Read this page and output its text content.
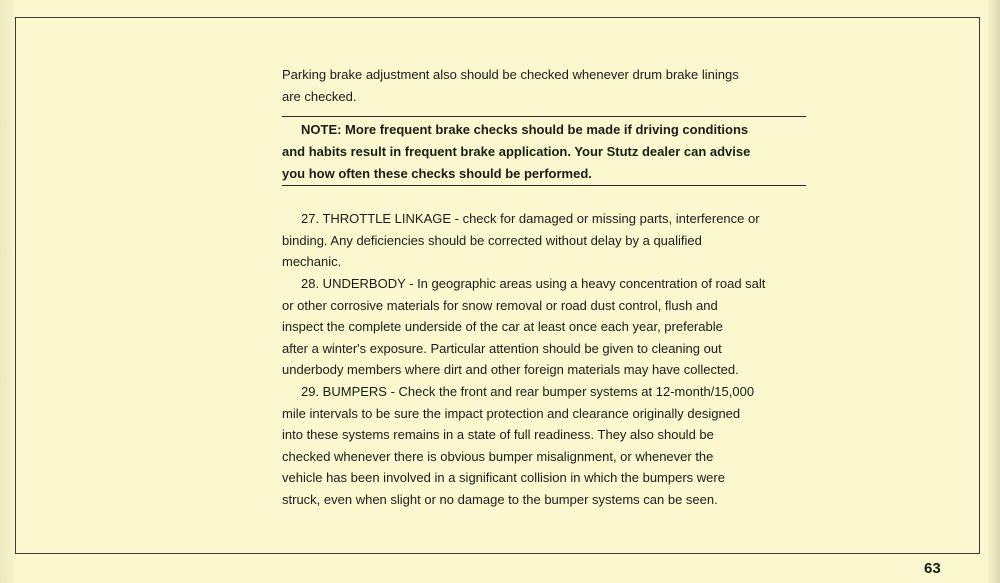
Parking brake adjustment also should be checked whenever drum brake linings
are checked.
NOTE: More frequent brake checks should be made if driving conditions
and habits result in frequent brake application. Your Stutz dealer can advise
you how often these checks should be performed.
27. THROTTLE LINKAGE - check for damaged or missing parts, interference or
binding. Any deficiencies should be corrected without delay by a qualified
mechanic.
28. UNDERBODY - In geographic areas using a heavy concentration of road salt
or other corrosive materials for snow removal or road dust control, flush and
inspect the complete underside of the car at least once each year, preferable
after a winter's exposure. Particular attention should be given to cleaning out
underbody members where dirt and other foreign materials may have collected.
29. BUMPERS - Check the front and rear bumper systems at 12-month/15,000
mile intervals to be sure the impact protection and clearance originally designed
into these systems remains in a state of full readiness. They also should be
checked whenever there is obvious bumper misalignment, or whenever the
vehicle has been involved in a significant collision in which the bumpers were
struck, even when slight or no damage to the bumper systems can be seen.
63
